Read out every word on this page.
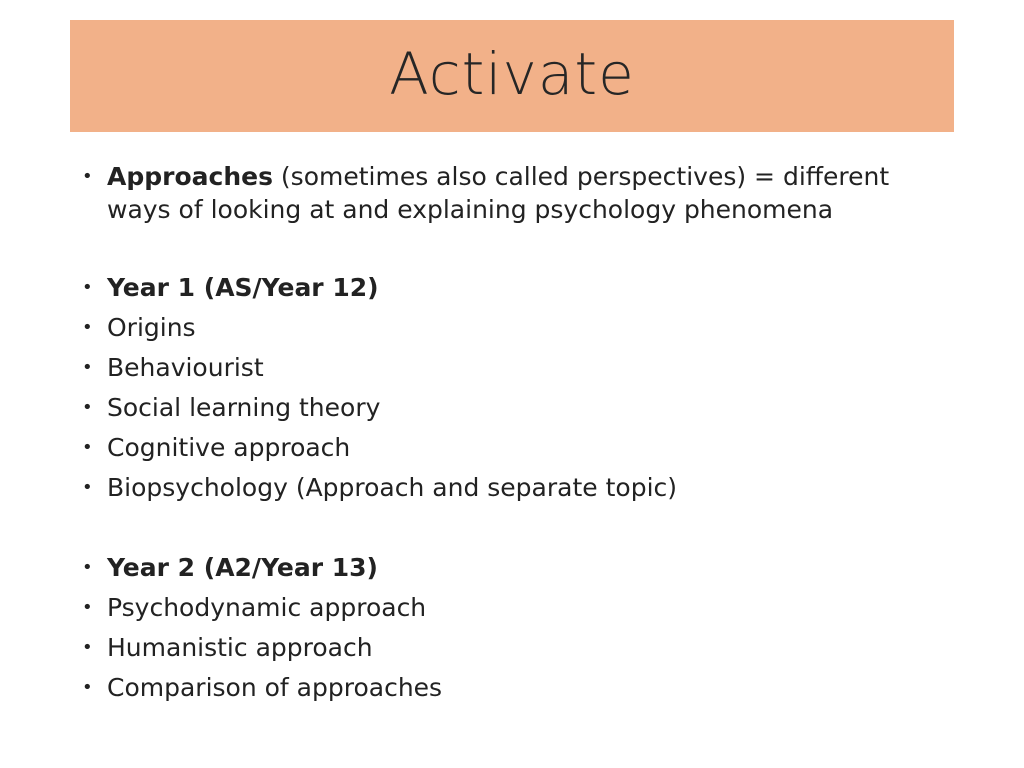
Activate
• Approaches (sometimes also called perspectives) = different ways of looking at and explaining psychology phenomena
• Year 1 (AS/Year 12)
• Origins
• Behaviourist
• Social learning theory
• Cognitive approach
• Biopsychology (Approach and separate topic)
• Year 2 (A2/Year 13)
• Psychodynamic approach
• Humanistic approach
• Comparison of approaches
